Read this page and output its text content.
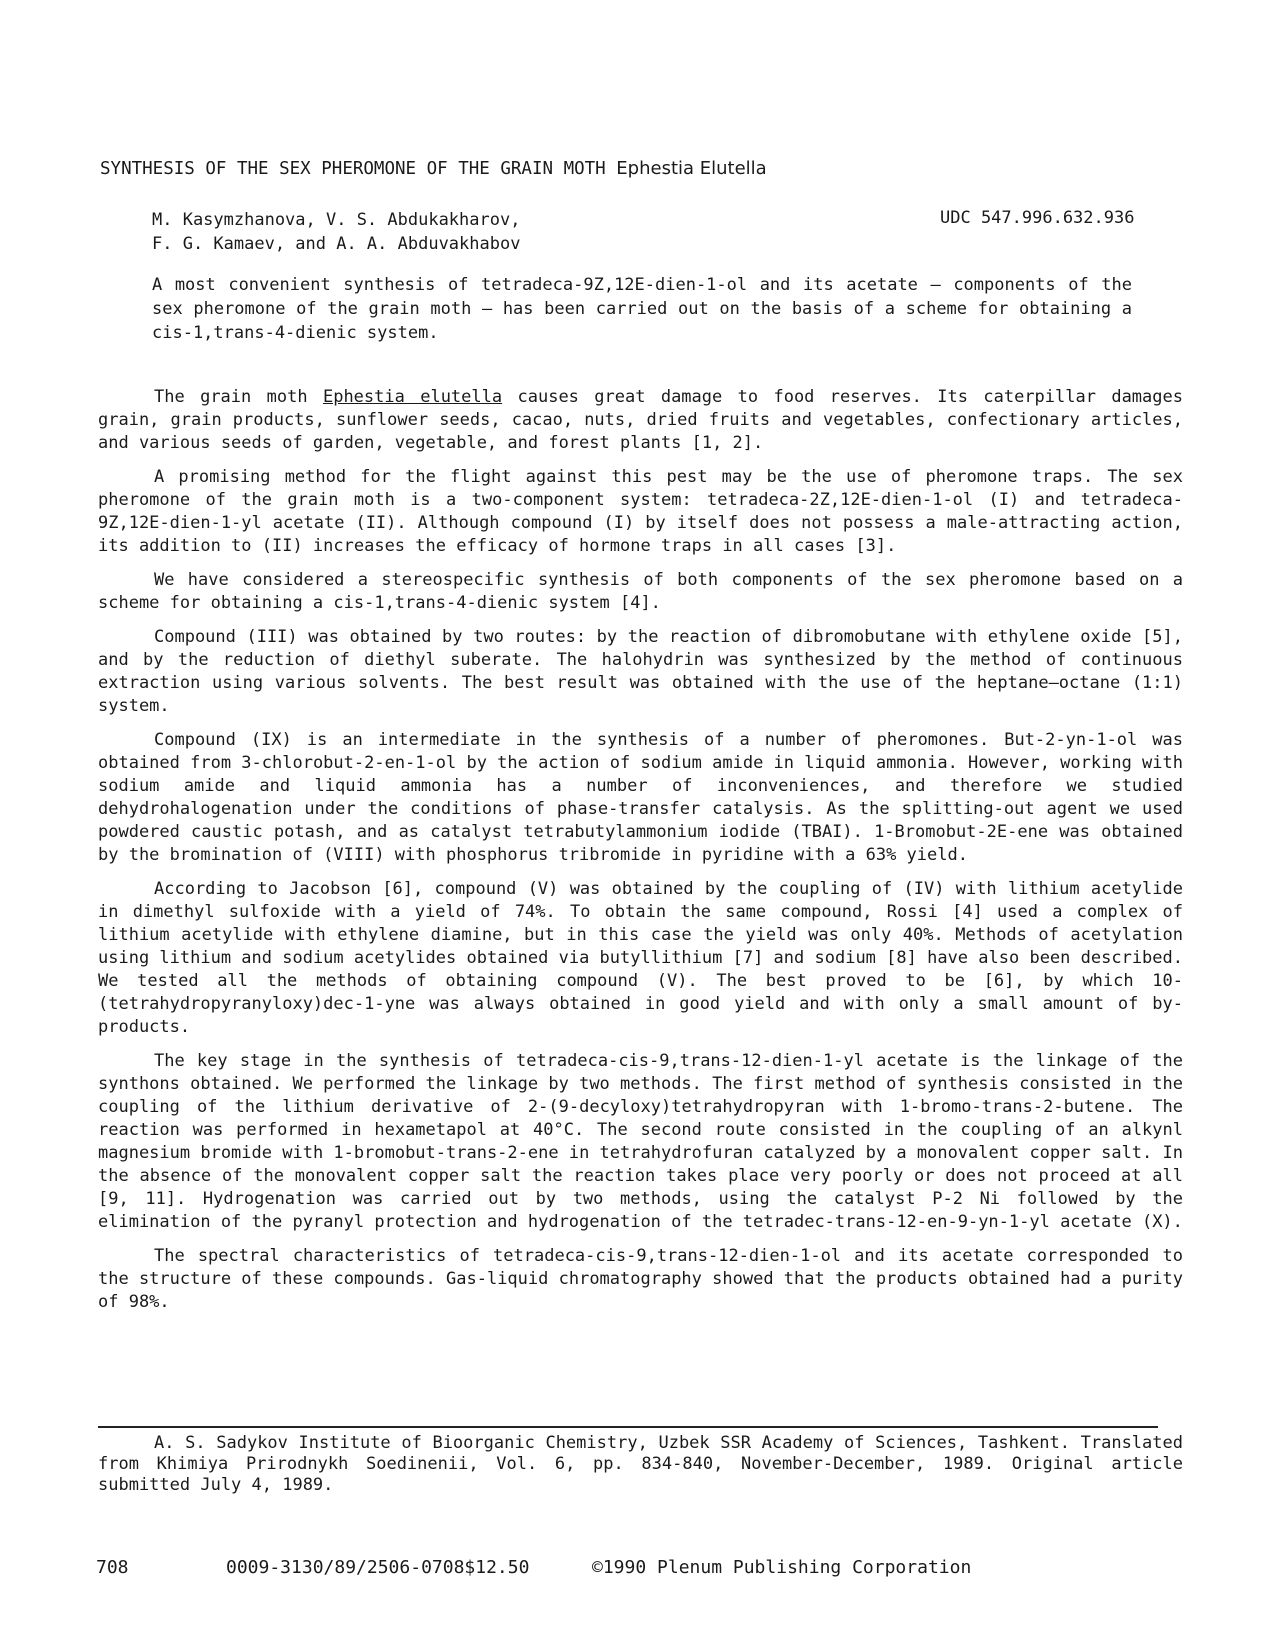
SYNTHESIS OF THE SEX PHEROMONE OF THE GRAIN MOTH Ephestia Elutella
M. Kasymzhanova, V. S. Abdukakharov,
F. G. Kamaev, and A. A. Abduvakhabov
UDC 547.996.632.936
A most convenient synthesis of tetradeca-9Z,12E-dien-1-ol and its acetate — components of the sex pheromone of the grain moth — has been carried out on the basis of a scheme for obtaining a cis-1,trans-4-dienic system.

The grain moth Ephestia elutella causes great damage to food reserves. Its caterpillar damages grain, grain products, sunflower seeds, cacao, nuts, dried fruits and vegetables, confectionary articles, and various seeds of garden, vegetable, and forest plants [1, 2].

A promising method for the flight against this pest may be the use of pheromone traps. The sex pheromone of the grain moth is a two-component system: tetradeca-2Z,12E-dien-1-ol (I) and tetradeca-9Z,12E-dien-1-yl acetate (II). Although compound (I) by itself does not possess a male-attracting action, its addition to (II) increases the efficacy of hormone traps in all cases [3].

We have considered a stereospecific synthesis of both components of the sex pheromone based on a scheme for obtaining a cis-1,trans-4-dienic system [4].

Compound (III) was obtained by two routes: by the reaction of dibromobutane with ethylene oxide [5], and by the reduction of diethyl suberate. The halohydrin was synthesized by the method of continuous extraction using various solvents. The best result was obtained with the use of the heptane—octane (1:1) system.

Compound (IX) is an intermediate in the synthesis of a number of pheromones. But-2-yn-1-ol was obtained from 3-chlorobut-2-en-1-ol by the action of sodium amide in liquid ammonia. However, working with sodium amide and liquid ammonia has a number of inconveniences, and therefore we studied dehydrohalogenation under the conditions of phase-transfer catalysis. As the splitting-out agent we used powdered caustic potash, and as catalyst tetrabutylammonium iodide (TBAI). 1-Bromobut-2E-ene was obtained by the bromination of (VIII) with phosphorus tribromide in pyridine with a 63% yield.

According to Jacobson [6], compound (V) was obtained by the coupling of (IV) with lithium acetylide in dimethyl sulfoxide with a yield of 74%. To obtain the same compound, Rossi [4] used a complex of lithium acetylide with ethylene diamine, but in this case the yield was only 40%. Methods of acetylation using lithium and sodium acetylides obtained via butyllithium [7] and sodium [8] have also been described. We tested all the methods of obtaining compound (V). The best proved to be [6], by which 10-(tetrahydropyranyloxy)dec-1-yne was always obtained in good yield and with only a small amount of by-products.

The key stage in the synthesis of tetradeca-cis-9,trans-12-dien-1-yl acetate is the linkage of the synthons obtained. We performed the linkage by two methods. The first method of synthesis consisted in the coupling of the lithium derivative of 2-(9-decyloxy)tetrahydropyran with 1-bromo-trans-2-butene. The reaction was performed in hexametapol at 40°C. The second route consisted in the coupling of an alkynl magnesium bromide with 1-bromobut-trans-2-ene in tetrahydrofuran catalyzed by a monovalent copper salt. In the absence of the monovalent copper salt the reaction takes place very poorly or does not proceed at all [9, 11]. Hydrogenation was carried out by two methods, using the catalyst P-2 Ni followed by the elimination of the pyranyl protection and hydrogenation of the tetradec-trans-12-en-9-yn-1-yl acetate (X).

The spectral characteristics of tetradeca-cis-9,trans-12-dien-1-ol and its acetate corresponded to the structure of these compounds. Gas-liquid chromatography showed that the products obtained had a purity of 98%.

A. S. Sadykov Institute of Bioorganic Chemistry, Uzbek SSR Academy of Sciences, Tashkent. Translated from Khimiya Prirodnykh Soedinenii, Vol. 6, pp. 834-840, November-December, 1989. Original article submitted July 4, 1989.
708	0009-3130/89/2506-0708$12.50	©1990 Plenum Publishing Corporation
